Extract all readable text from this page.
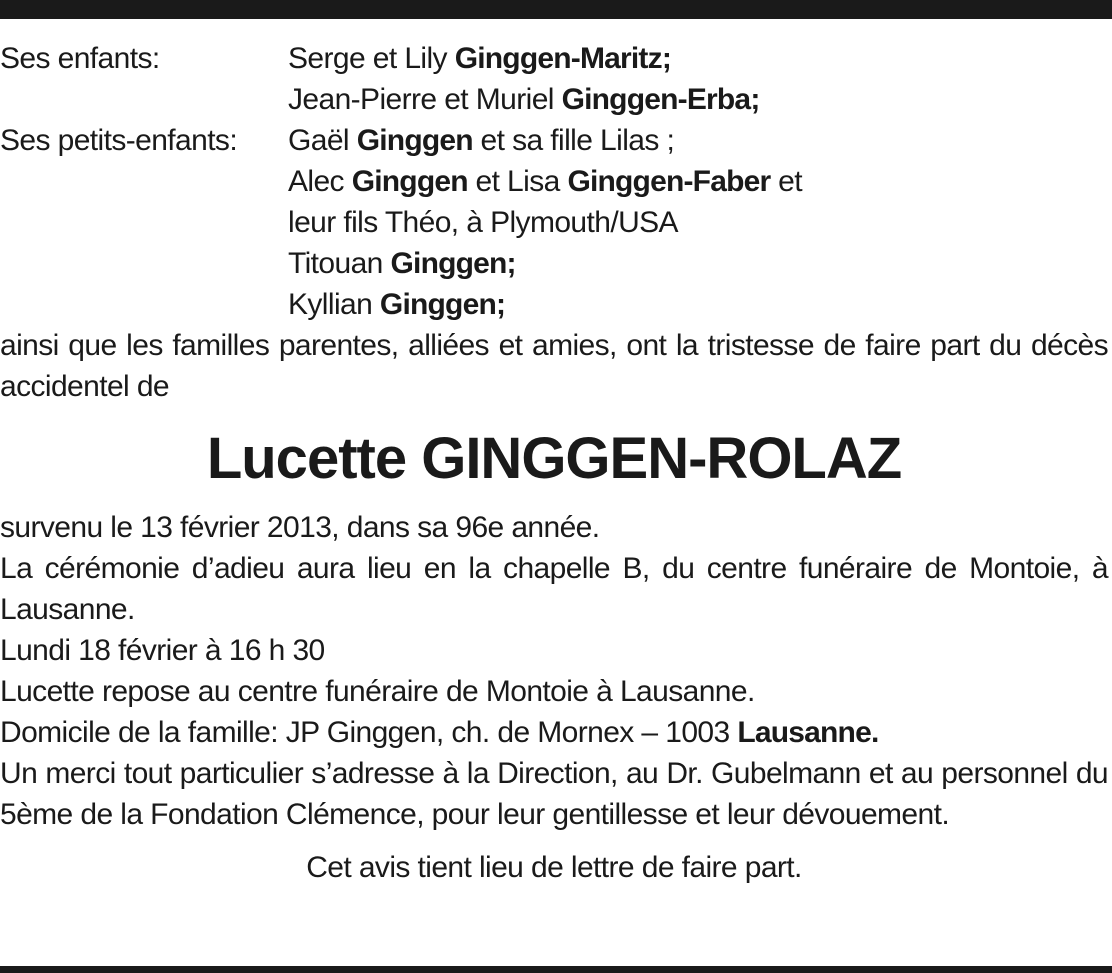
Ses enfants:	Serge et Lily Ginggen-Maritz;
Jean-Pierre et Muriel Ginggen-Erba;
Ses petits-enfants:	Gaël Ginggen et sa fille Lilas ;
Alec Ginggen et Lisa Ginggen-Faber et
leur fils Théo, à Plymouth/USA
Titouan Ginggen;
Kyllian Ginggen;
ainsi que les familles parentes, alliées et amies, ont la tristesse de faire part du décès accidentel de
Lucette GINGGEN-ROLAZ
survenu le 13 février 2013, dans sa 96e année.
La cérémonie d’adieu aura lieu en la chapelle B, du centre funéraire de Montoie, à Lausanne.
Lundi 18 février à 16 h 30
Lucette repose au centre funéraire de Montoie à Lausanne.
Domicile de la famille: JP Ginggen, ch. de Mornex – 1003 Lausanne.
Un merci tout particulier s’adresse à la Direction, au Dr. Gubelmann et au personnel du 5ème de la Fondation Clémence, pour leur gentillesse et leur dévouement.
Cet avis tient lieu de lettre de faire part.
